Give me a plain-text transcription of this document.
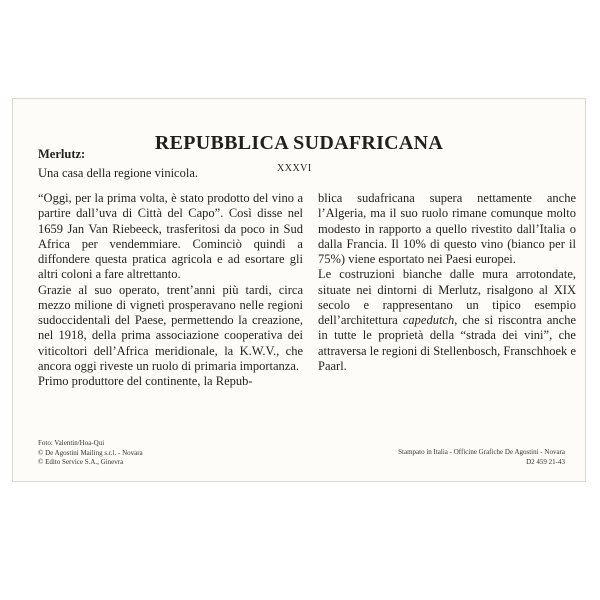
REPUBBLICA SUDAFRICANA
Merlutz:
Una casa della regione vinicola.	XXXVI

“Oggi, per la prima volta, è stato prodotto del vino a partire dall’uva di Città del Capo”. Così disse nel 1659 Jan Van Riebeeck, trasferitosi da poco in Sud Africa per vendemmiare. Cominciò quindi a diffondere questa pratica agricola e ad esortare gli altri coloni a fare altrettanto.

Grazie al suo operato, trent’anni più tardi, circa mezzo milione di vigneti prosperavano nelle regioni sudoccidentali del Paese, permettendo la creazione, nel 1918, della prima associazione cooperativa dei viticoltori dell’Africa meridionale, la K.W.V., che ancora oggi riveste un ruolo di primaria importanza.

Primo produttore del continente, la Repub-

blica sudafricana supera nettamente anche l’Algeria, ma il suo ruolo rimane comunque molto modesto in rapporto a quello rivestito dall’Italia o dalla Francia. Il 10% di questo vino (bianco per il 75%) viene esportato nei Paesi europei.

Le costruzioni bianche dalle mura arrotondate, situate nei dintorni di Merlutz, risalgono al XIX secolo e rappresentano un tipico esempio dell’architettura capedutch, che si riscontra anche in tutte le proprietà della “strada dei vini”, che attraversa le regioni di Stellenbosch, Franschhoek e Paarl.

Foto: Valentin/Hoa-Qui
© De Agostini Mailing s.r.l. - Novara
© Edito Service S.A., Ginevra
Stampato in Italia - Officine Grafiche De Agostini - Novara
D2 459 21-43
